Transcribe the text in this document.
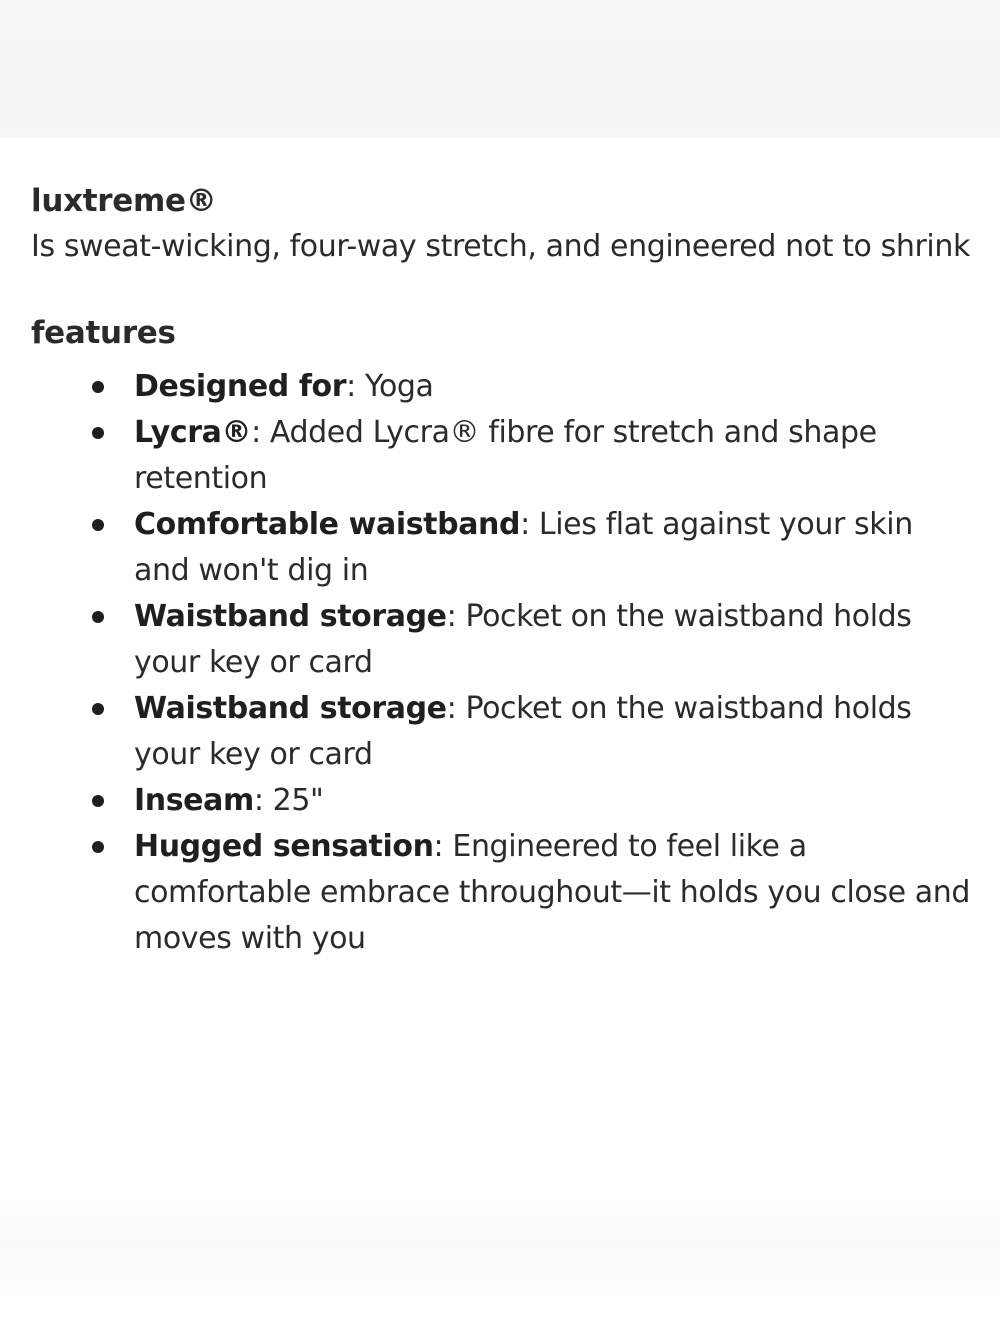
luxtreme®

Is sweat-wicking, four-way stretch, and engineered not to shrink

features
Designed for: Yoga
Lycra®: Added Lycra® fibre for stretch and shape retention
Comfortable waistband: Lies flat against your skin and won't dig in
Waistband storage: Pocket on the waistband holds your key or card
Waistband storage: Pocket on the waistband holds your key or card
Inseam: 25"
Hugged sensation: Engineered to feel like a comfortable embrace throughout—it holds you close and moves with you
